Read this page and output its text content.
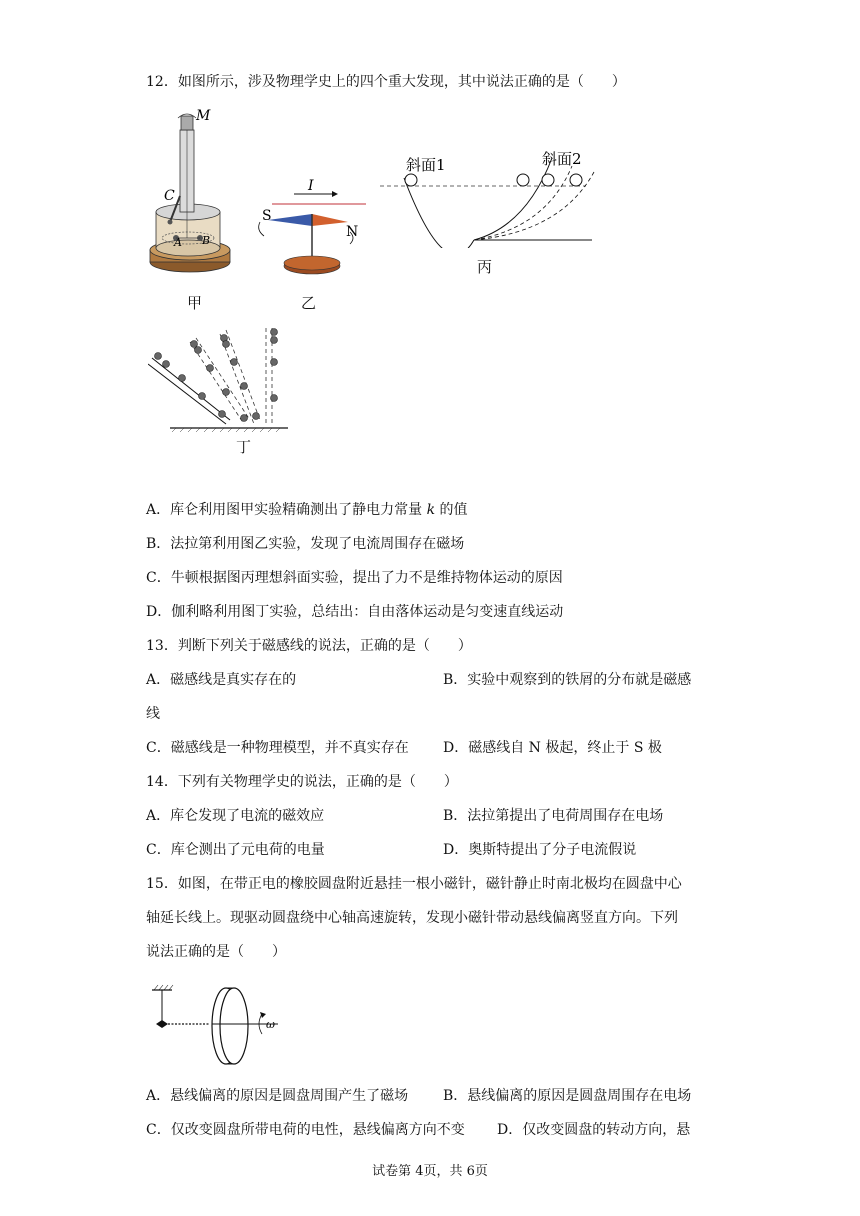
12．如图所示，涉及物理学史上的四个重大发现，其中说法正确的是（　　）
M
C
A B
甲
I
S
N
乙
斜面1	斜面2
丙
丁
A．库仑利用图甲实验精确测出了静电力常量 k 的值
B．法拉第利用图乙实验，发现了电流周围存在磁场
C．牛顿根据图丙理想斜面实验，提出了力不是维持物体运动的原因
D．伽利略利用图丁实验，总结出：自由落体运动是匀变速直线运动
13．判断下列关于磁感线的说法，正确的是（　　）
A．磁感线是真实存在的	B．实验中观察到的铁屑的分布就是磁感
线
C．磁感线是一种物理模型，并不真实存在 D．磁感线自 N 极起，终止于 S 极
14．下列有关物理学史的说法，正确的是（　　）
A．库仑发现了电流的磁效应	B．法拉第提出了电荷周围存在电场
C．库仑测出了元电荷的电量	D．奥斯特提出了分子电流假说
15．如图，在带正电的橡胶圆盘附近悬挂一根小磁针，磁针静止时南北极均在圆盘中心
轴延长线上。现驱动圆盘绕中心轴高速旋转，发现小磁针带动悬线偏离竖直方向。下列
说法正确的是（　　）
ω
A．悬线偏离的原因是圆盘周围产生了磁场 B．悬线偏离的原因是圆盘周围存在电场
C．仅改变圆盘所带电荷的电性，悬线偏离方向不变 D．仅改变圆盘的转动方向，悬
试卷第 4页，共 6页
